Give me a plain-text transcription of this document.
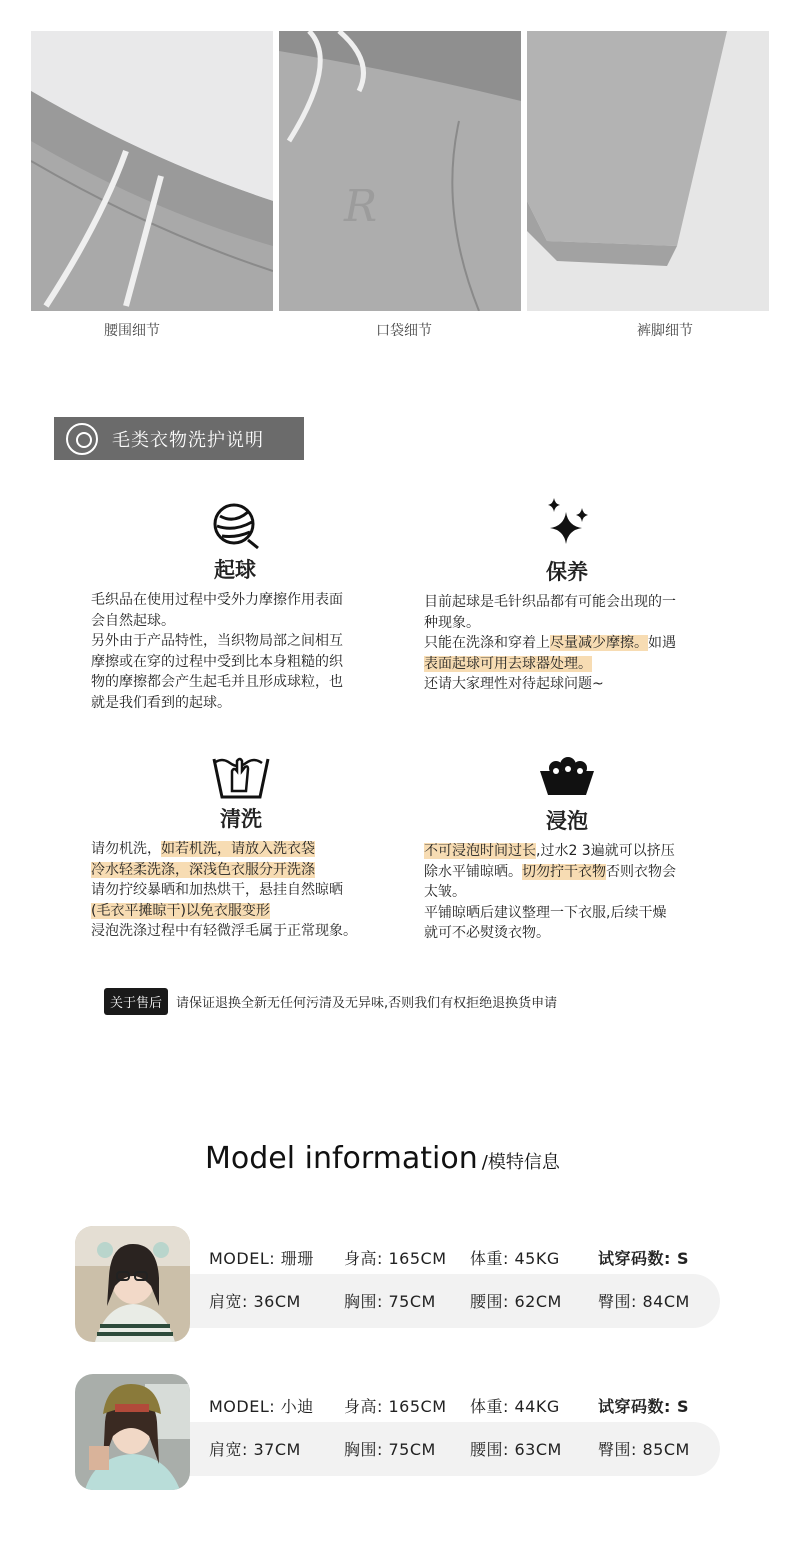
R
腰围细节	口袋细节	裤脚细节
毛类衣物洗护说明
起球
毛织品在使用过程中受外力摩擦作用表面
会自然起球。
另外由于产品特性，当织物局部之间相互
摩擦或在穿的过程中受到比本身粗糙的织
物的摩擦都会产生起毛并且形成球粒，也
就是我们看到的起球。
保养
目前起球是毛针织品都有可能会出现的一
种现象。
只能在洗涤和穿着上尽量减少摩擦。如遇
表面起球可用去球器处理。
还请大家理性对待起球问题~
清洗
请勿机洗，如若机洗，请放入洗衣袋
冷水轻柔洗涤，深浅色衣服分开洗涤
请勿拧绞暴晒和加热烘干，悬挂自然晾晒
(毛衣平摊晾干)以免衣服变形
浸泡洗涤过程中有轻微浮毛属于正常现象。
浸泡
不可浸泡时间过长,过水2 3遍就可以挤压
除水平铺晾晒。切勿拧干衣物否则衣物会
太皱。
平铺晾晒后建议整理一下衣服,后续干燥
就可不必熨烫衣物。
关于售后	请保证退换全新无任何污清及无异味,否则我们有权拒绝退换货申请
Model information /模特信息
MODEL: 珊珊	身高: 165CM	体重: 45KG	试穿码数: S
肩宽: 36CM	胸围: 75CM	腰围: 62CM	臀围: 84CM
MODEL: 小迪	身高: 165CM	体重: 44KG	试穿码数: S
肩宽: 37CM	胸围: 75CM	腰围: 63CM	臀围: 85CM
